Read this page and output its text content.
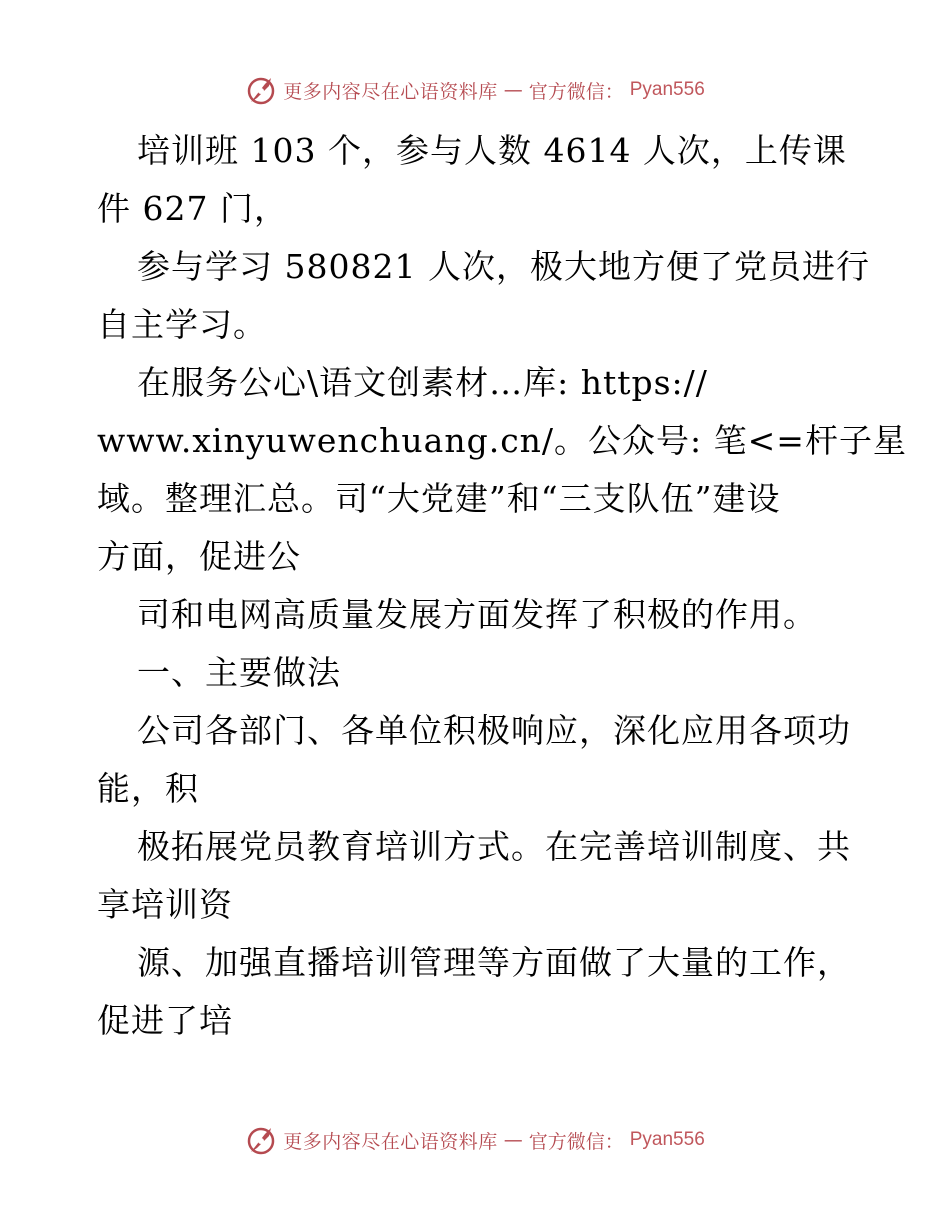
更多内容尽在心语资料库 — 官方微信： Pyan556
培训班 103 个，参与人数 4614 人次，上传课
件 627 门，
参与学习 580821 人次，极大地方便了党员进行
自主学习。
在服务公心\语文创素材…库: https://
www.xinyuwenchuang.cn/。公众号: 笔<=杆子星
域。整理汇总。司“大党建”和“三支队伍”建设
方面，促进公
司和电网高质量发展方面发挥了积极的作用。
一、主要做法
公司各部门、各单位积极响应，深化应用各项功
能，积
极拓展党员教育培训方式。在完善培训制度、共
享培训资
源、加强直播培训管理等方面做了大量的工作，
促进了培
更多内容尽在心语资料库 — 官方微信： Pyan556
